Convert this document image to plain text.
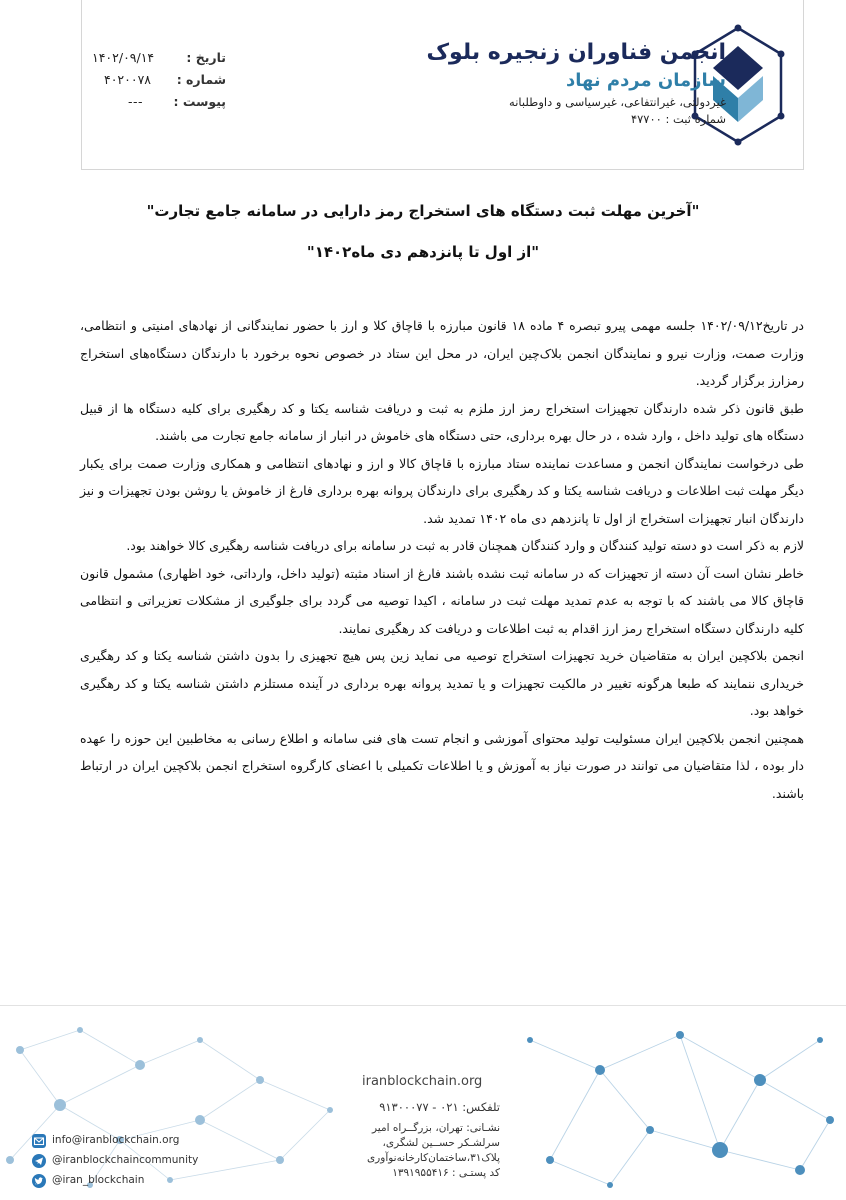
انجمن فناوران زنجیره بلوک
سازمان مردم نهاد
غیردولتی، غیرانتفاعی، غیرسیاسی و داوطلبانه
شماره ثبت : ۴۷۷۰۰
تاریخ :
۱۴۰۲/۰۹/۱۴
شماره :
۴۰۲۰۰۷۸
پیوست :
---
"آخرین مهلت ثبت دستگاه های استخراج رمز دارایی در سامانه جامع تجارت"
"از اول تا پانزدهم دی ماه۱۴۰۲"

در تاریخ۱۴۰۲/۰۹/۱۲ جلسه مهمی پیرو تبصره ۴ ماده ۱۸ قانون مبارزه با قاچاق کلا و ارز با حضور نمایندگانی از نهادهای امنیتی و انتظامی، وزارت صمت، وزارت نیرو و نمایندگان انجمن بلاک‌چین ایران، در محل این ستاد در خصوص نحوه برخورد با دارندگان دستگاه‌های استخراج رمزارز برگزار گردید.

طبق قانون ذکر شده دارندگان تجهیزات استخراج رمز ارز ملزم به ثبت و دریافت شناسه یکتا و کد رهگیری برای کلیه دستگاه ها از قبیل دستگاه های تولید داخل ، وارد شده ، در حال بهره برداری، حتی دستگاه های خاموش در انبار از سامانه جامع تجارت می باشند.

طی درخواست نمایندگان انجمن و مساعدت نماینده ستاد مبارزه با قاچاق کالا و ارز و نهادهای انتظامی و همکاری وزارت صمت برای یکبار دیگر مهلت ثبت اطلاعات و دریافت شناسه یکتا و کد رهگیری برای دارندگان پروانه بهره برداری فارغ از خاموش یا روشن بودن تجهیزات و نیز دارندگان انبار تجهیزات استخراج از اول تا پانزدهم دی ماه ۱۴۰۲ تمدید شد.

لازم به ذکر است دو دسته تولید کنندگان و وارد کنندگان همچنان قادر به ثبت در سامانه برای دریافت شناسه رهگیری کالا خواهند بود.

خاطر نشان است آن دسته از تجهیزات که در سامانه ثبت نشده باشند فارغ از اسناد مثبته (تولید داخل، وارداتی، خود اظهاری) مشمول قانون قاچاق کالا می باشند که با توجه به عدم تمدید مهلت ثبت در سامانه ، اکیدا توصیه می گردد برای جلوگیری از مشکلات تعزیراتی و انتظامی کلیه دارندگان دستگاه استخراج رمز ارز اقدام به ثبت اطلاعات و دریافت کد رهگیری نمایند.

انجمن بلاکچین ایران به متقاضیان خرید تجهیزات استخراج توصیه می نماید زین پس هیچ تجهیزی را بدون داشتن شناسه یکتا و کد رهگیری خریداری ننمایند که طبعا هرگونه تغییر در مالکیت تجهیزات و یا تمدید پروانه بهره برداری در آینده مستلزم داشتن شناسه یکتا و کد رهگیری خواهد بود.

همچنین انجمن بلاکچین ایران مسئولیت تولید محتوای آموزشی و انجام تست های فنی سامانه و اطلاع رسانی به مخاطبین این حوزه را عهده دار بوده ، لذا متقاضیان می توانند در صورت نیاز به آموزش و یا اطلاعات تکمیلی با اعضای کارگروه استخراج انجمن بلاکچین ایران در ارتباط باشند.

iranblockchain.org
تلفکس: ۰۲۱ - ۹۱۳۰۰۰۷۷
نشـانی: تهران، بزرگــراه امیر
سرلشـکر حســین لشگری،
پلاک۳۱،ساختمان‌کارخانه‌نوآوری
کد پستـی : ۱۳۹۱۹۵۵۴۱۶
info@iranblockchain.org
@iranblockchaincommunity
@iran_blockchain
